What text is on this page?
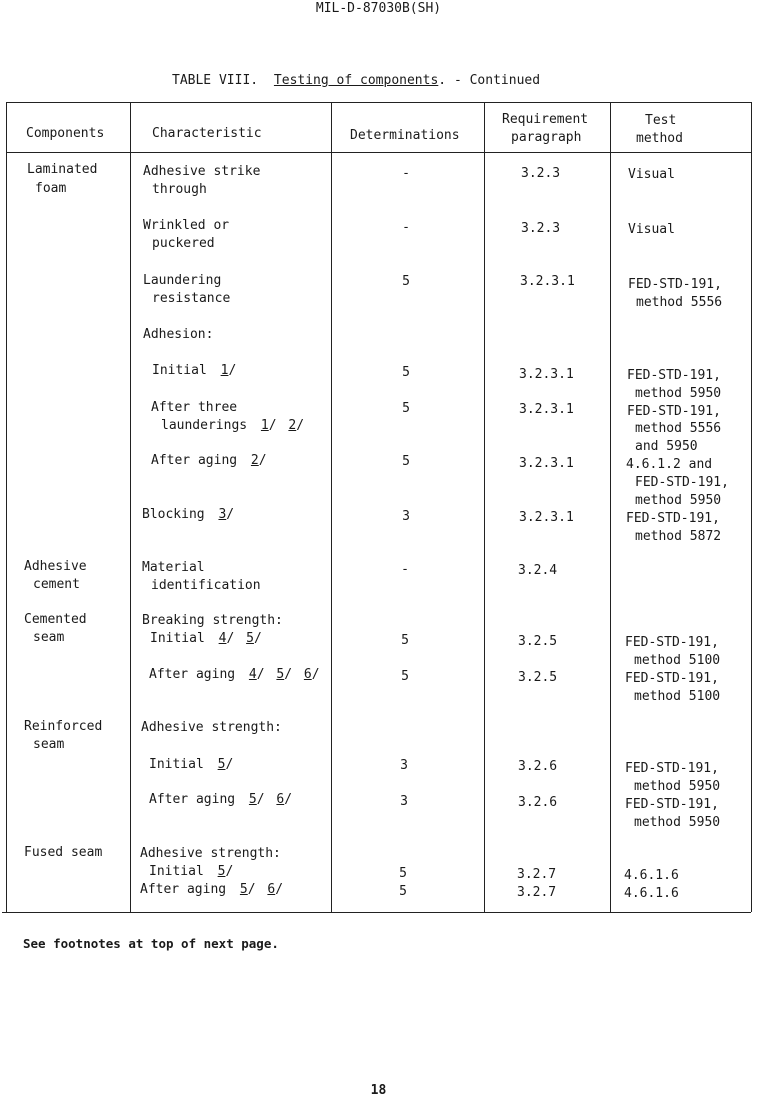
MIL-D-87030B(SH)
TABLE VIII. Testing of components. - Continued
Components	Characteristic	Determinations
Requirement
paragraph
Test
method
Laminated
foam
Adhesive
cement
Cemented
seam
Reinforced
seam
Fused seam
Adhesive strike
through
Wrinkled or
puckered
Laundering
resistance
Adhesion:
Initial 1/
After three
launderings 1/ 2/
After aging 2/
Blocking 3/
Material
identification
Breaking strength:
Initial 4/ 5/
After aging 4/ 5/ 6/
Adhesive strength:
Initial 5/
After aging 5/ 6/
Adhesive strength:
Initial 5/
After aging 5/ 6/
-
-
5
5
5
5
3
-
5
5
3
3
5
5
3.2.3
3.2.3
3.2.3.1
3.2.3.1
3.2.3.1
3.2.3.1
3.2.3.1
3.2.4
3.2.5
3.2.5
3.2.6
3.2.6
3.2.7
3.2.7
Visual
Visual
FED-STD-191,
method 5556
FED-STD-191,
method 5950
FED-STD-191,
method 5556
and 5950
4.6.1.2 and
FED-STD-191,
method 5950
FED-STD-191,
method 5872
FED-STD-191,
method 5100
FED-STD-191,
method 5100
FED-STD-191,
method 5950
FED-STD-191,
method 5950
4.6.1.6
4.6.1.6
See footnotes at top of next page.
18
